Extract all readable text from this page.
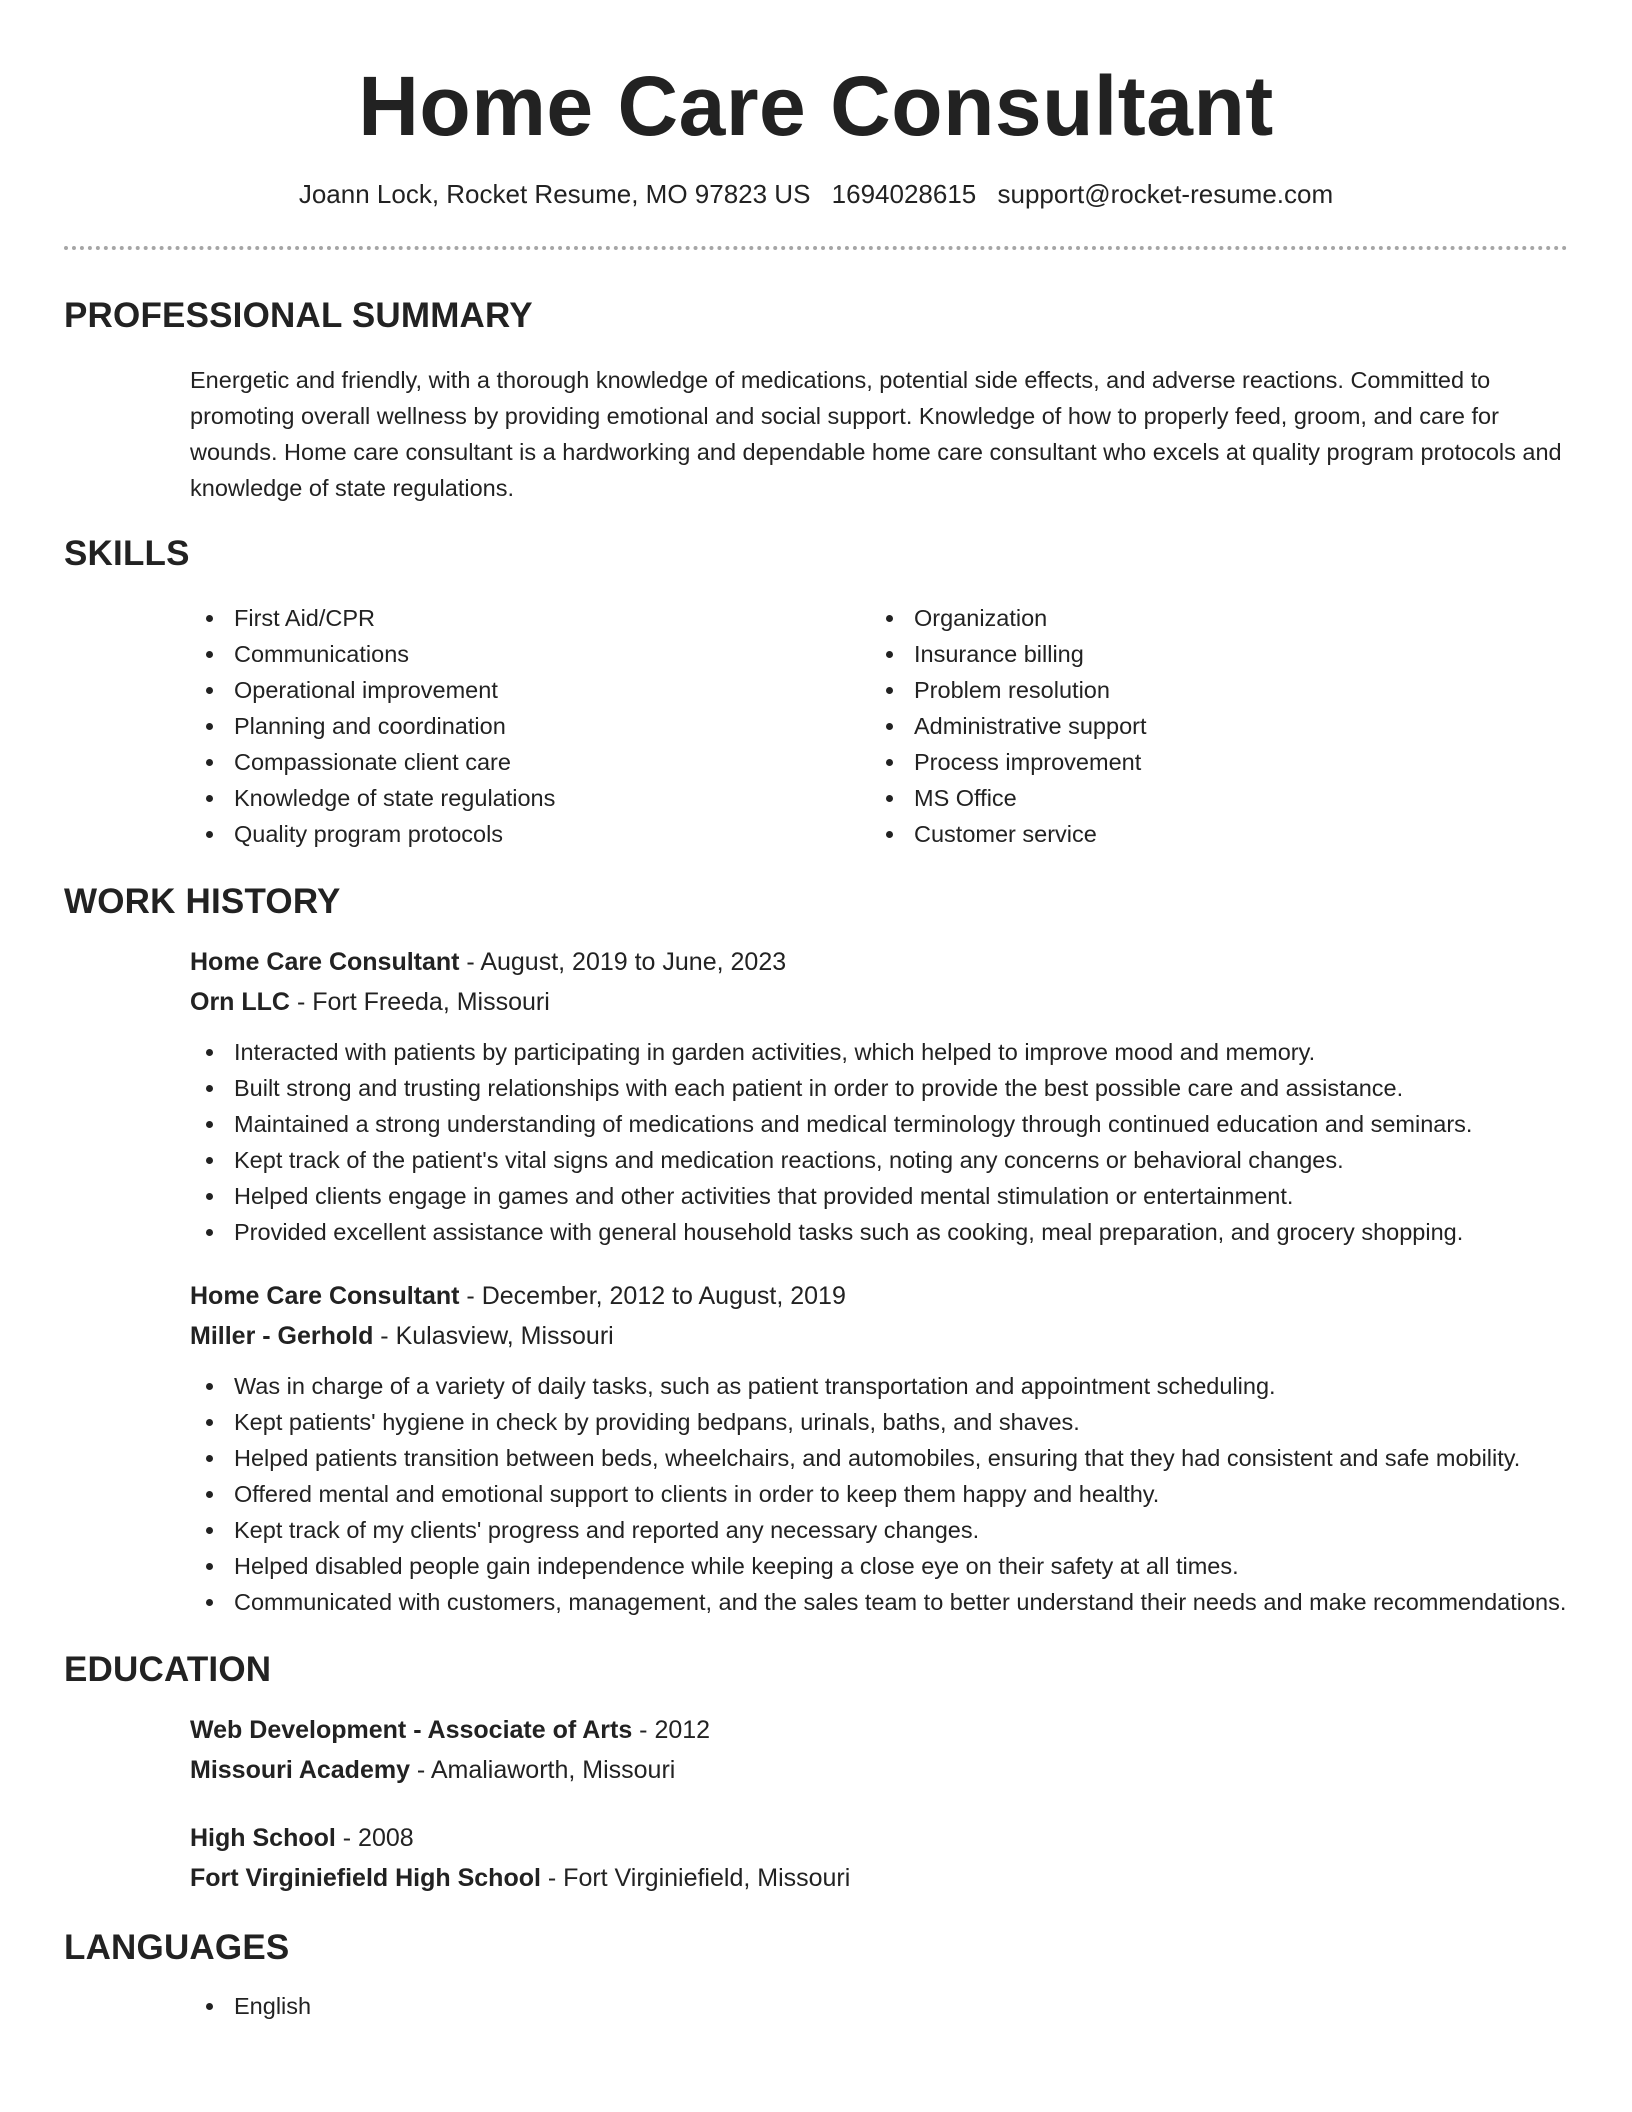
Home Care Consultant
Joann Lock, Rocket Resume, MO 97823 US 1694028615 support@rocket-resume.com
PROFESSIONAL SUMMARY

Energetic and friendly, with a thorough knowledge of medications, potential side effects, and adverse reactions. Committed to promoting overall wellness by providing emotional and social support. Knowledge of how to properly feed, groom, and care for wounds. Home care consultant is a hardworking and dependable home care consultant who excels at quality program protocols and knowledge of state regulations.

SKILLS
First Aid/CPR
Communications
Operational improvement
Planning and coordination
Compassionate client care
Knowledge of state regulations
Quality program protocols
Organization
Insurance billing
Problem resolution
Administrative support
Process improvement
MS Office
Customer service
WORK HISTORY
Home Care Consultant - August, 2019 to June, 2023
Orn LLC - Fort Freeda, Missouri
Interacted with patients by participating in garden activities, which helped to improve mood and memory.
Built strong and trusting relationships with each patient in order to provide the best possible care and assistance.
Maintained a strong understanding of medications and medical terminology through continued education and seminars.
Kept track of the patient's vital signs and medication reactions, noting any concerns or behavioral changes.
Helped clients engage in games and other activities that provided mental stimulation or entertainment.
Provided excellent assistance with general household tasks such as cooking, meal preparation, and grocery shopping.
Home Care Consultant - December, 2012 to August, 2019
Miller - Gerhold - Kulasview, Missouri
Was in charge of a variety of daily tasks, such as patient transportation and appointment scheduling.
Kept patients' hygiene in check by providing bedpans, urinals, baths, and shaves.
Helped patients transition between beds, wheelchairs, and automobiles, ensuring that they had consistent and safe mobility.
Offered mental and emotional support to clients in order to keep them happy and healthy.
Kept track of my clients' progress and reported any necessary changes.
Helped disabled people gain independence while keeping a close eye on their safety at all times.
Communicated with customers, management, and the sales team to better understand their needs and make recommendations.
EDUCATION
Web Development - Associate of Arts - 2012
Missouri Academy - Amaliaworth, Missouri
High School - 2008
Fort Virginiefield High School - Fort Virginiefield, Missouri
LANGUAGES
English
